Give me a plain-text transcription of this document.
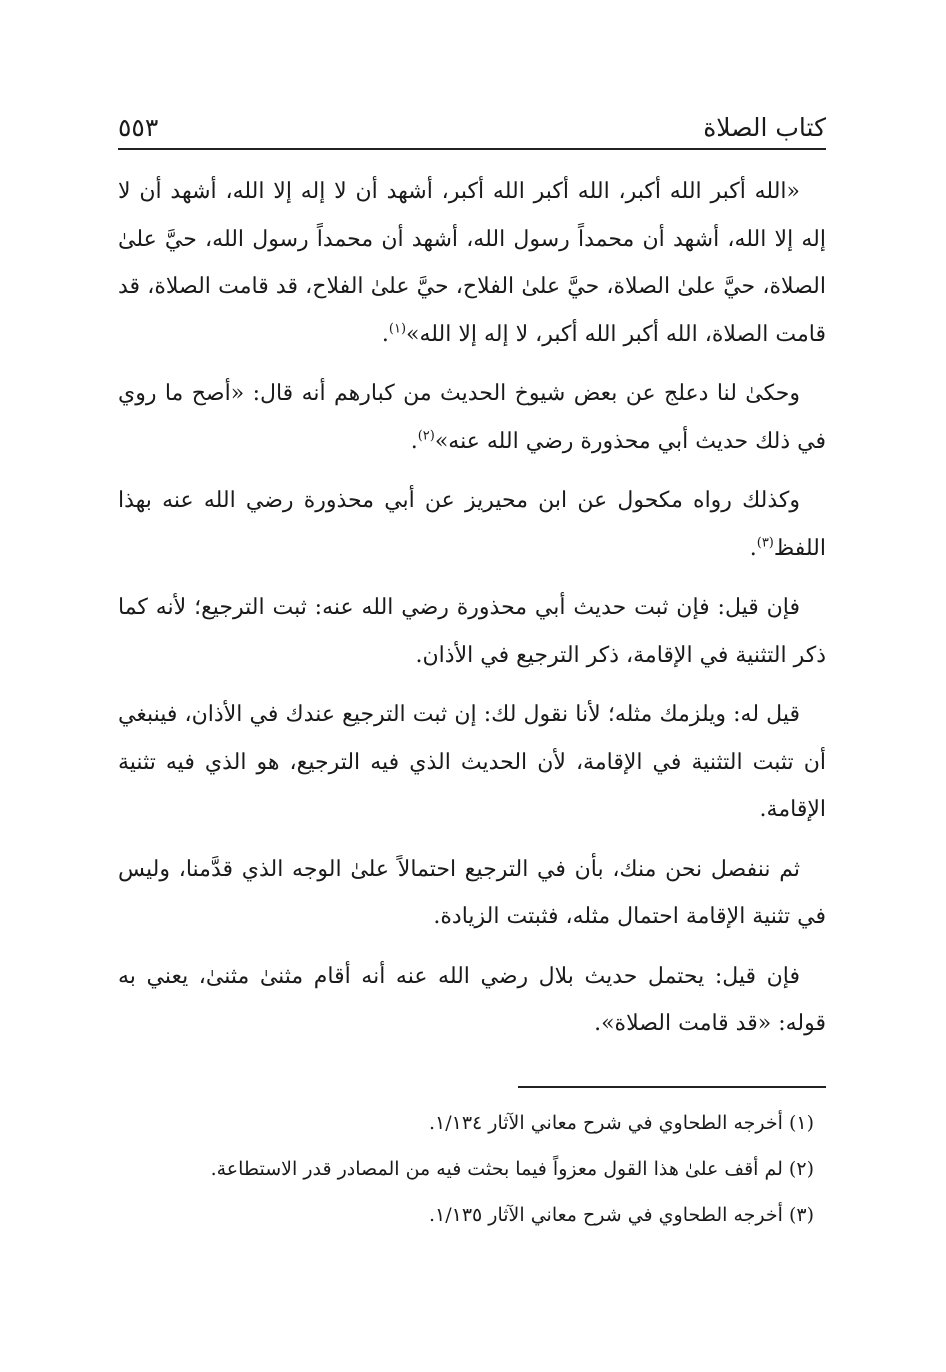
كتاب الصلاة
٥٥٣

«الله أكبر الله أكبر، الله أكبر الله أكبر، أشهد أن لا إله إلا الله، أشهد أن لا إله إلا الله، أشهد أن محمداً رسول الله، أشهد أن محمداً رسول الله، حيَّ علىٰ الصلاة، حيَّ علىٰ الصلاة، حيَّ علىٰ الفلاح، حيَّ علىٰ الفلاح، قد قامت الصلاة، قد قامت الصلاة، الله أكبر الله أكبر، لا إله إلا الله»$^{(١)}$.

وحكىٰ لنا دعلج عن بعض شيوخ الحديث من كبارهم أنه قال: «أصح ما روي في ذلك حديث أبي محذورة رضي الله عنه»$^{(٢)}$.

وكذلك رواه مكحول عن ابن محيريز عن أبي محذورة رضي الله عنه بهذا اللفظ$^{(٣)}$.

فإن قيل: فإن ثبت حديث أبي محذورة رضي الله عنه: ثبت الترجيع؛ لأنه كما ذكر التثنية في الإقامة، ذكر الترجيع في الأذان.

قيل له: ويلزمك مثله؛ لأنا نقول لك: إن ثبت الترجيع عندك في الأذان، فينبغي أن تثبت التثنية في الإقامة، لأن الحديث الذي فيه الترجيع، هو الذي فيه تثنية الإقامة.

ثم ننفصل نحن منك، بأن في الترجيع احتمالاً علىٰ الوجه الذي قدَّمنا، وليس في تثنية الإقامة احتمال مثله، فثبتت الزيادة.

فإن قيل: يحتمل حديث بلال رضي الله عنه أنه أقام مثنىٰ مثنىٰ، يعني به قوله: «قد قامت الصلاة».

(١) أخرجه الطحاوي في شرح معاني الآثار ١/١٣٤.

(٢) لم أقف علىٰ هذا القول معزواً فيما بحثت فيه من المصادر قدر الاستطاعة.

(٣) أخرجه الطحاوي في شرح معاني الآثار ١/١٣٥.
